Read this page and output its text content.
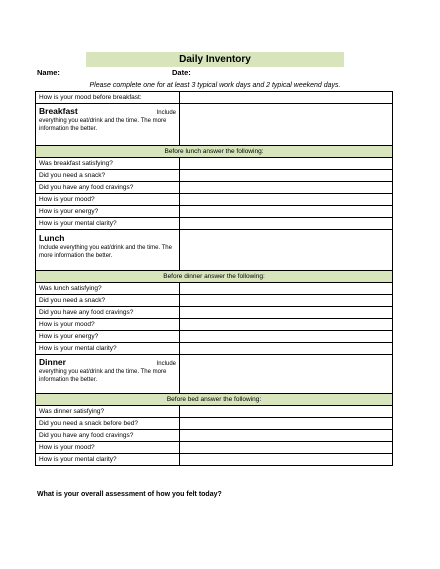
Daily Inventory
Name:	Date:
Please complete one for at least 3 typical work days and 2 typical weekend days.
How is your mood before breakfast:	

Breakfast Include
everything you eat/drink and the time. The more information the better.	

Before lunch answer the following:	
Was breakfast satisfying?	
Did you need a snack?	
Did you have any food cravings?	
How is your mood?	
How is your energy?	
How is your mental clarity?	

Lunch
Include everything you eat/drink and the time. The more information the better.	

Before dinner answer the following:	
Was lunch satisfying?	
Did you need a snack?	
Did you have any food cravings?	
How is your mood?	
How is your energy?	
How is your mental clarity?	

Dinner Include
everything you eat/drink and the time. The more information the better.	

Before bed answer the following:	
Was dinner satisfying?	
Did you need a snack before bed?	
Did you have any food cravings?	
How is your mood?	
How is your mental clarity?	
What is your overall assessment of how you felt today?
